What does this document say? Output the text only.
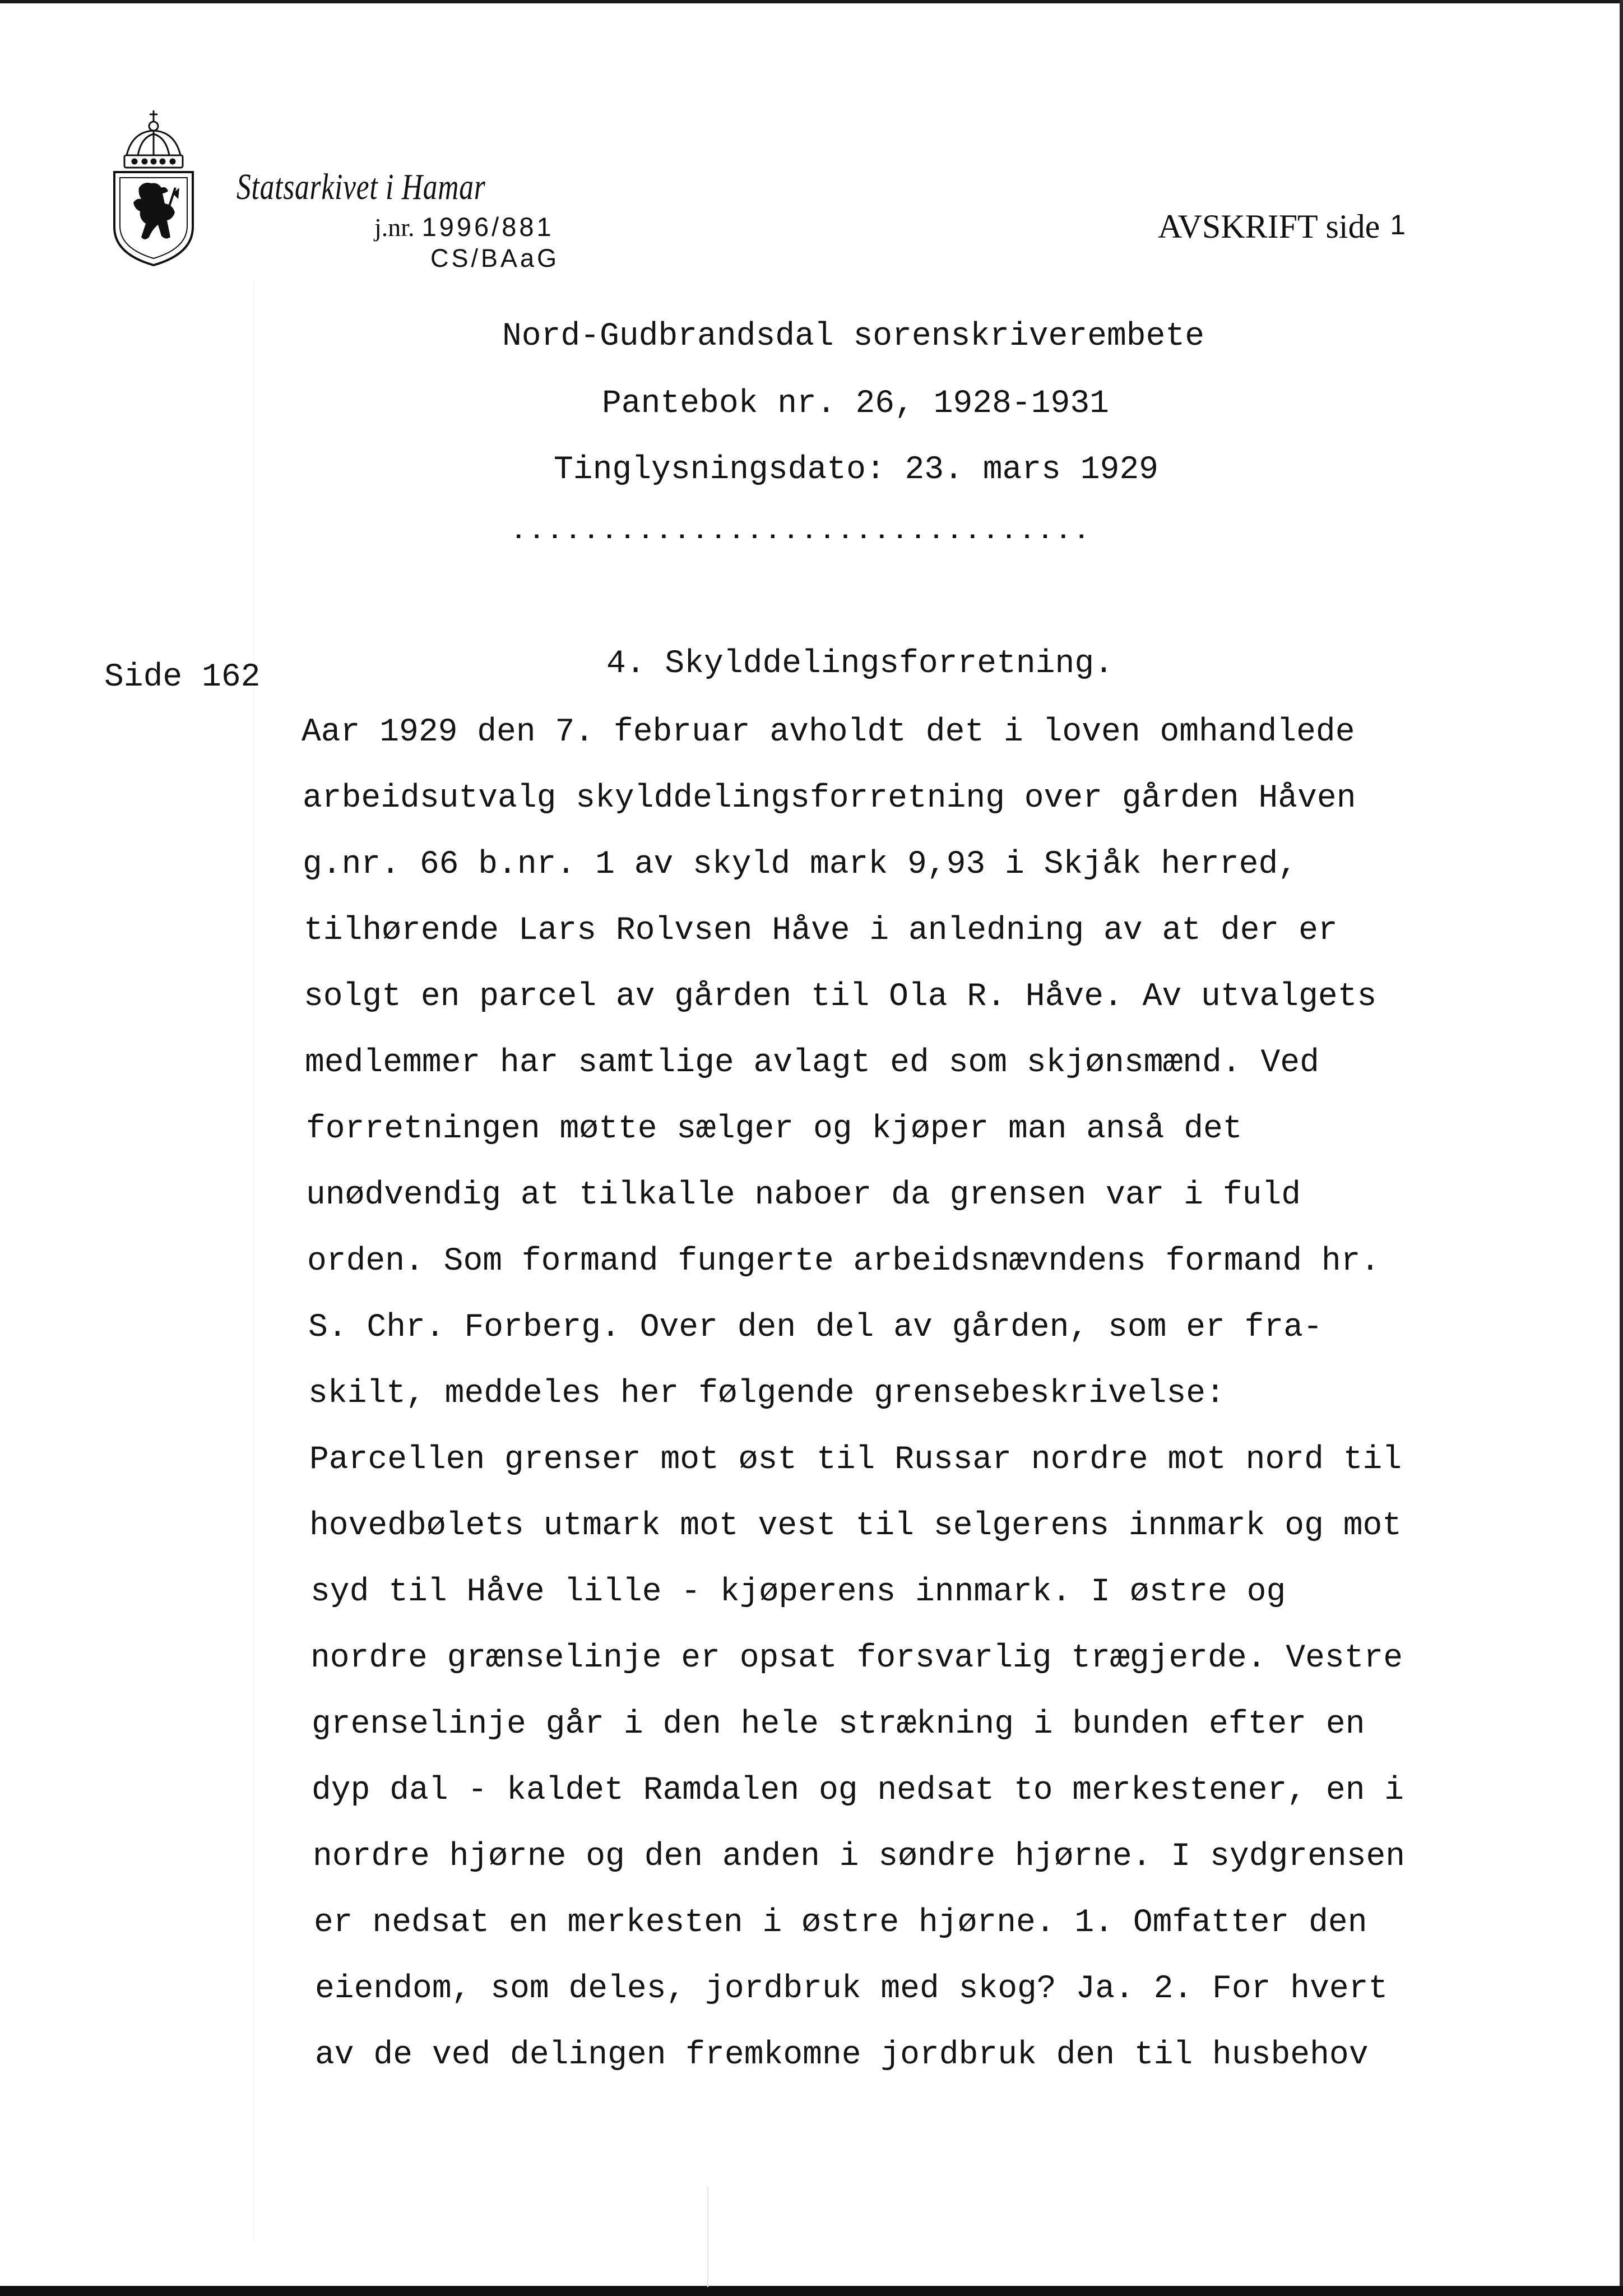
Statsarkivet i Hamar
j.nr. 1996/881
CS/BAaG
AVSKRIFT side 1
Nord-Gudbrandsdal sorenskriverembete
Pantebok nr. 26, 1928-1931
Tinglysningsdato: 23. mars 1929
................................
Side 162	4. Skylddelingsforretning.
Aar 1929 den 7. februar avholdt det i loven omhandlede
arbeidsutvalg skylddelingsforretning over gården Håven
g.nr. 66 b.nr. 1 av skyld mark 9,93 i Skjåk herred,
tilhørende Lars Rolvsen Håve i anledning av at der er
solgt en parcel av gården til Ola R. Håve. Av utvalgets
medlemmer har samtlige avlagt ed som skjønsmænd. Ved
forretningen møtte sælger og kjøper man anså det
unødvendig at tilkalle naboer da grensen var i fuld
orden. Som formand fungerte arbeidsnævndens formand hr.
S. Chr. Forberg. Over den del av gården, som er fra-
skilt, meddeles her følgende grensebeskrivelse:
Parcellen grenser mot øst til Russar nordre mot nord til
hovedbølets utmark mot vest til selgerens innmark og mot
syd til Håve lille - kjøperens innmark. I østre og
nordre grænselinje er opsat forsvarlig trægjerde. Vestre
grenselinje går i den hele strækning i bunden efter en
dyp dal - kaldet Ramdalen og nedsat to merkestener, en i
nordre hjørne og den anden i søndre hjørne. I sydgrensen
er nedsat en merkesten i østre hjørne. 1. Omfatter den
eiendom, som deles, jordbruk med skog? Ja. 2. For hvert
av de ved delingen fremkomne jordbruk den til husbehov
